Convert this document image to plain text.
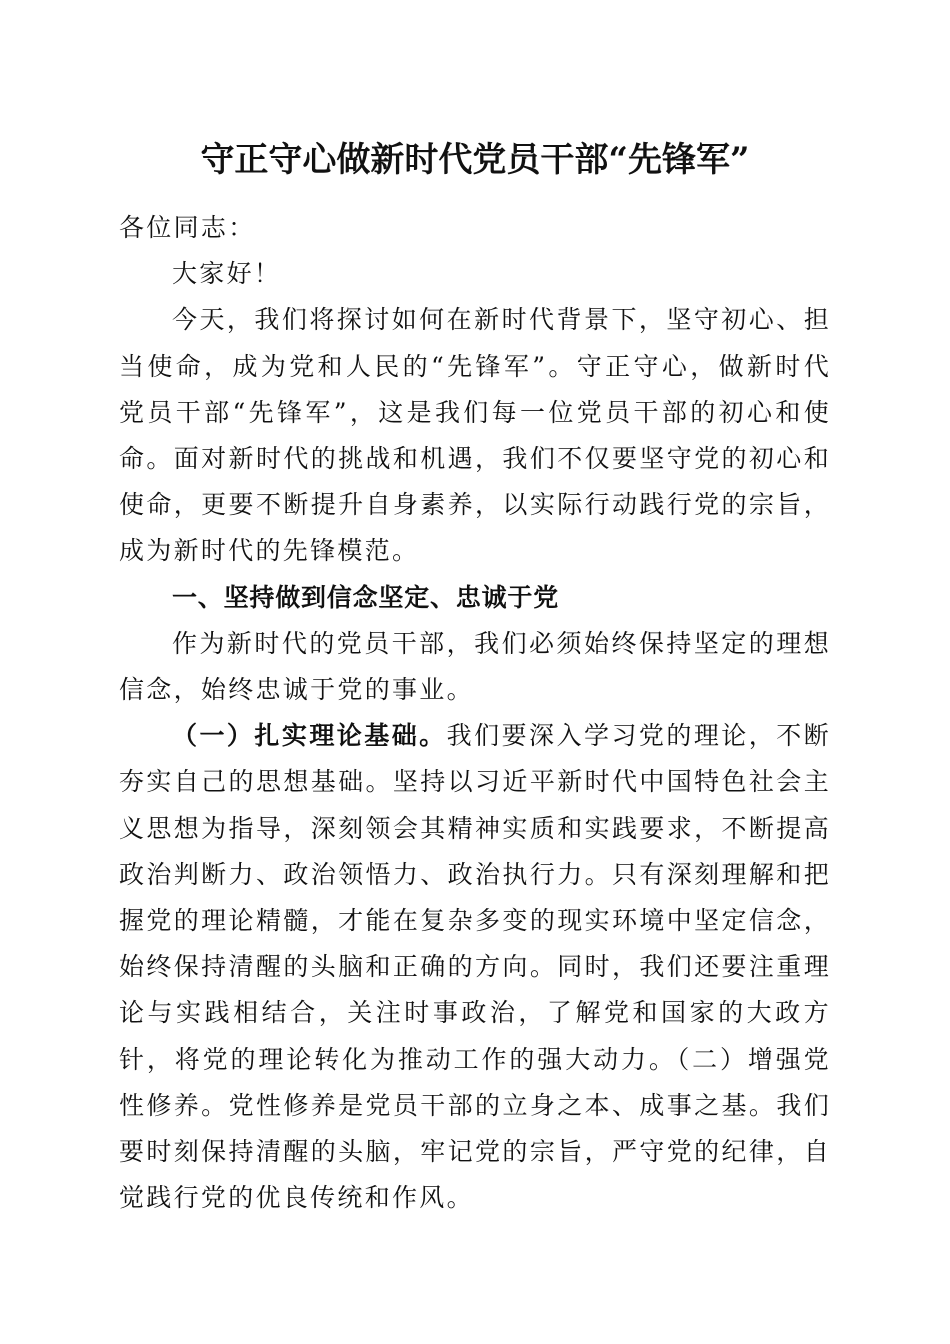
守正守心做新时代党员干部“先锋军”

各位同志：

大家好！

今天，我们将探讨如何在新时代背景下，坚守初心、担当使命，成为党和人民的“先锋军”。守正守心，做新时代党员干部“先锋军”，这是我们每一位党员干部的初心和使命。面对新时代的挑战和机遇，我们不仅要坚守党的初心和使命，更要不断提升自身素养，以实际行动践行党的宗旨，成为新时代的先锋模范。

一、坚持做到信念坚定、忠诚于党

作为新时代的党员干部，我们必须始终保持坚定的理想信念，始终忠诚于党的事业。

（一）扎实理论基础。我们要深入学习党的理论，不断夯实自己的思想基础。坚持以习近平新时代中国特色社会主义思想为指导，深刻领会其精神实质和实践要求，不断提高政治判断力、政治领悟力、政治执行力。只有深刻理解和把握党的理论精髓，才能在复杂多变的现实环境中坚定信念，始终保持清醒的头脑和正确的方向。同时，我们还要注重理论与实践相结合，关注时事政治，了解党和国家的大政方针，将党的理论转化为推动工作的强大动力。（二）增强党性修养。党性修养是党员干部的立身之本、成事之基。我们要时刻保持清醒的头脑，牢记党的宗旨，严守党的纪律，自觉践行党的优良传统和作风。
